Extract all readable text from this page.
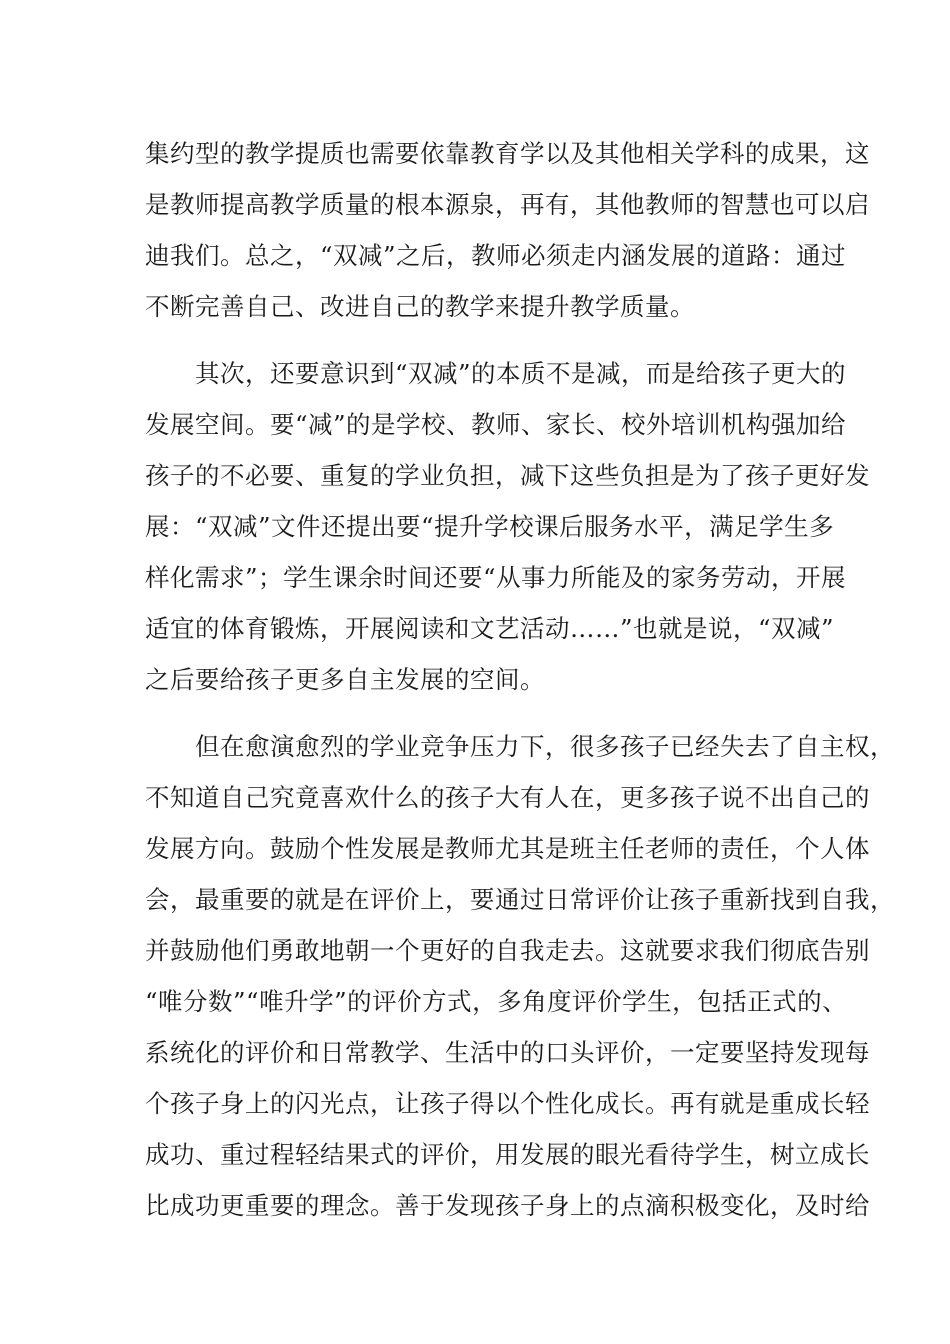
集约型的教学提质也需要依靠教育学以及其他相关学科的成果，这
是教师提高教学质量的根本源泉，再有，其他教师的智慧也可以启
迪我们。总之，“双减”之后，教师必须走内涵发展的道路：通过
不断完善自己、改进自己的教学来提升教学质量。
　　其次，还要意识到“双减”的本质不是减，而是给孩子更大的
发展空间。要“减”的是学校、教师、家长、校外培训机构强加给
孩子的不必要、重复的学业负担，减下这些负担是为了孩子更好发
展：“双减”文件还提出要“提升学校课后服务水平，满足学生多
样化需求”；学生课余时间还要“从事力所能及的家务劳动，开展
适宜的体育锻炼，开展阅读和文艺活动……”也就是说，“双减”
之后要给孩子更多自主发展的空间。
　　但在愈演愈烈的学业竞争压力下，很多孩子已经失去了自主权，
不知道自己究竟喜欢什么的孩子大有人在，更多孩子说不出自己的
发展方向。鼓励个性发展是教师尤其是班主任老师的责任，个人体
会，最重要的就是在评价上，要通过日常评价让孩子重新找到自我，
并鼓励他们勇敢地朝一个更好的自我走去。这就要求我们彻底告别
“唯分数”“唯升学”的评价方式，多角度评价学生，包括正式的、
系统化的评价和日常教学、生活中的口头评价，一定要坚持发现每
个孩子身上的闪光点，让孩子得以个性化成长。再有就是重成长轻
成功、重过程轻结果式的评价，用发展的眼光看待学生，树立成长
比成功更重要的理念。善于发现孩子身上的点滴积极变化，及时给
